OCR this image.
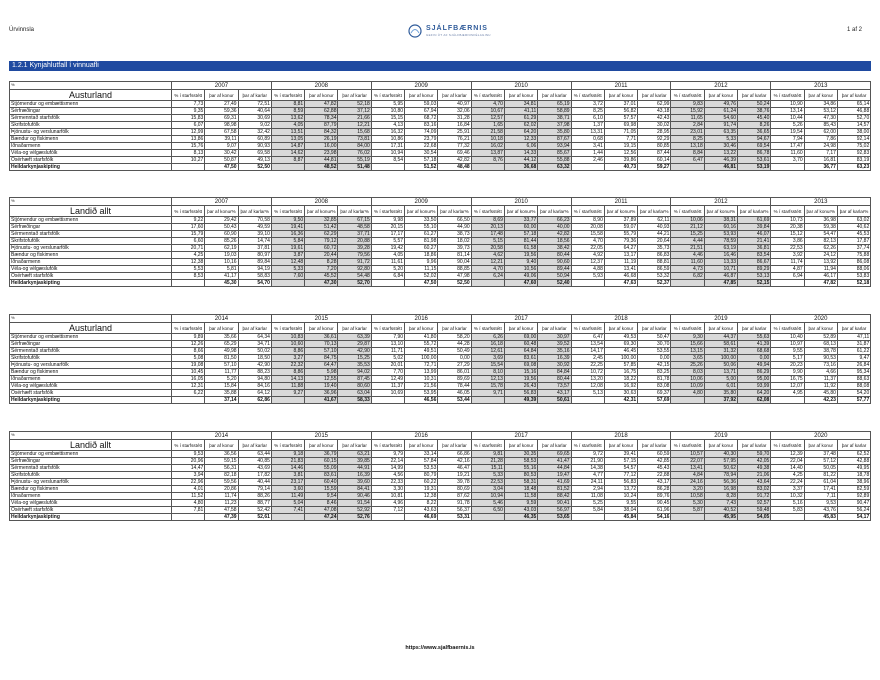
Úrvinnsla	SJÁLFBÆRNIS
GEFIN ÚT AF SJÁLFBÆRNISFÉLAGINU
1 af 2
1.2.1 Kynjahlutfall í vinnuafli
%	2007			2008			2009			2010			2011			2012			2013		
Austurland	% í starfsstétt	þar af konur	þar af karlar	% í starfsstétt	þar af konur	þar af karlar	% í starfsstétt	þar af konur	þar af karlar	% í starfsstétt	þar af konur	þar af karlar	% í starfsstétt	þar af konur	þar af karlar	% í starfsstétt	þar af konur	þar af karlar	% í starfsstétt	þar af konur	þar af karlar
Stjórnendur og embættismenn	7,73	27,49	72,51	8,81	47,82	52,18	5,95	59,03	40,97	4,70	34,81	65,19	3,72	37,01	62,99	9,83	49,76	50,24	10,90	34,86	65,14
Sérfræðingar	9,35	59,36	40,64	8,59	62,88	37,12	10,80	67,94	32,06	10,67	41,11	58,89	8,25	56,82	43,18	15,92	61,24	38,76	13,14	53,12	46,88
Sérmenntað starfsfólk	15,83	69,31	30,69	13,62	78,34	21,66	15,15	68,72	31,28	12,57	61,29	38,71	6,10	57,57	42,43	11,65	54,60	45,40	10,44	47,30	52,70
Skrifstofufólk	6,07	98,98	9,02	4,05	87,79	12,21	4,13	83,16	16,84	1,65	62,02	37,98	1,37	69,98	30,02	2,84	91,74	8,26	5,26	85,43	14,57
Þjónustu- og verslunarfólk	12,99	67,58	32,42	13,51	84,32	15,68	16,32	74,09	25,91	21,58	64,20	35,80	13,31	71,05	28,95	23,01	63,35	36,65	19,54	62,00	38,00
Bændur og fiskimenn	13,86	39,11	60,89	13,05	26,19	73,81	10,86	23,79	76,21	10,18	12,33	87,67	0,68	7,71	92,29	8,25	5,33	94,67	7,94	7,86	92,14
Iðnaðarmenn	15,76	9,07	90,93	14,87	16,00	84,00	17,31	22,68	77,32	16,02	6,06	93,94	3,41	19,15	80,85	13,18	30,46	69,54	17,47	24,98	75,02
Véla-og vélgæslufólk	8,13	30,42	69,58	14,62	23,98	76,02	10,94	30,54	69,46	13,87	14,33	85,67	1,44	12,56	87,44	8,84	13,22	86,78	11,60	7,17	92,83
Ósérhæft starfsfólk	10,27	50,87	49,13	8,87	44,81	55,19	8,54	57,18	42,82	8,76	44,12	55,88	2,46	39,86	60,14	6,47	46,39	53,61	3,70	16,81	83,19
Heildarkynjaskipting		47,50	52,50		48,52	51,48		51,52	48,48		36,68	63,32		40,73	59,27		46,81	53,19		36,77	63,23
%	2007			2008			2009			2010			2011			2012			2013		
Landið allt	% í starfsstétt	þar af konur%	þar af karlar%	% í starfsstétt	þar af konur%	þar af karlar%	% í starfsstétt	þar af konur%	þar af karlar%	% í starfsstétt	þar af konur%	þar af karlar%	% í starfsstétt	þar af konur%	þar af karlar%	% í starfsstétt	þar af konur%	þar af karlar%	% í starfsstétt	þar af konur%	þar af karlar%
Stjórnendur og embættismenn	9,22	29,42	70,58	9,50	32,85	67,15	9,98	33,50	66,50	8,69	33,77	66,23	8,90	37,89	62,11	10,06	38,31	61,69	10,73	36,98	63,02
Sérfræðingar	17,60	50,43	49,59	19,41	51,42	48,58	20,15	55,10	44,90	20,13	60,00	40,00	20,08	59,07	40,93	21,12	60,16	39,84	20,38	59,38	40,62
Sérmenntað starfsfólk	15,79	60,90	39,10	16,36	62,29	37,71	17,17	61,27	38,73	17,48	57,18	42,82	15,58	55,79	44,21	15,25	53,93	46,07	15,12	54,47	45,53
Skrifstofufólk	6,60	85,26	14,74	5,84	79,12	20,88	5,57	81,98	18,02	5,15	81,44	18,56	4,70	79,36	20,64	4,44	78,59	21,41	3,86	82,13	17,87
Þjónustu- og verslunarfólk	20,71	62,19	37,81	19,61	60,72	39,28	19,42	60,27	39,73	20,58	61,58	38,42	22,05	64,27	35,73	21,51	63,19	36,81	22,53	62,26	37,74
Bændur og fiskimenn	4,25	19,03	80,97	3,87	20,44	79,56	4,05	18,86	81,14	4,62	19,56	80,44	4,92	13,17	86,83	4,46	16,46	83,54	3,92	24,12	75,88
Iðnaðarmenn	12,38	10,16	89,84	12,48	8,28	91,72	11,61	9,96	90,04	12,21	9,40	90,60	12,37	11,19	88,81	11,60	13,33	86,67	11,74	13,92	86,08
Véla-og vélgæslufólk	5,53	5,81	94,19	5,33	7,20	92,80	5,20	11,15	88,85	4,70	10,56	89,44	4,88	13,41	86,59	4,73	10,71	89,29	4,87	11,94	88,06
Ósérhæft starfsfólk	8,53	41,17	58,83	7,60	45,52	54,48	6,84	52,02	47,98	6,24	49,06	50,94	5,93	46,68	53,32	6,82	46,87	53,13	6,94	46,17	53,83
Heildarkynjaskipting		45,30	54,70		47,30	52,70		47,50	52,50		47,60	52,40		47,63	52,37		47,85	52,15		47,82	52,18
%	2014			2015			2016			2017			2018			2019			2020		
Austurland	% í starfsstétt	þar af konur	þar af karlar	% í starfsstétt	þar af konur	þar af karlar	% í starfsstétt	þar af konur	þar af karlar	% í starfsstétt	þar af konur	þar af karlar	% í starfsstétt	þar af konur	þar af karlar	% í starfsstétt	þar af konur	þar af karlar	% í starfsstétt	þar af konur	þar af karlar
Stjórnendur og embættismenn	9,89	35,66	64,34	10,83	36,61	63,39	7,90	41,80	58,20	6,26	69,00	30,97	6,47	49,53	50,47	9,30	44,37	55,63	10,40	52,89	47,11
Sérfræðingar	12,26	65,29	34,71	10,60	70,13	29,87	13,10	55,72	44,28	16,18	60,48	39,52	13,54	69,30	30,70	15,66	58,61	41,39	10,97	68,13	31,87
Sérmenntað starfsfólk	8,66	49,98	50,02	8,86	57,10	42,90	11,71	49,51	50,49	12,61	64,84	35,16	14,17	46,45	53,55	13,15	31,32	68,68	9,55	38,78	61,22
Skrifstofufólk	5,08	81,50	18,50	3,27	84,75	15,25	5,02	100,00	0,00	3,69	83,61	16,39	2,45	100,00	0,00	3,65	100,00	0,00	5,17	90,53	9,47
Þjónustu- og verslunarfólk	19,08	57,10	42,90	22,32	64,47	35,53	20,01	72,71	27,29	15,54	69,08	30,92	22,25	57,85	42,15	25,26	50,06	49,94	20,23	73,16	26,84
Bændur og fiskimenn	10,45	11,77	88,23	8,86	5,98	94,02	7,70	13,99	86,01	8,10	15,16	84,84	10,72	16,75	83,25	8,03	13,71	86,29	9,90	4,66	95,34
Iðnaðarmenn	16,05	5,20	94,80	14,13	12,55	87,45	12,49	10,31	89,69	12,13	19,56	80,44	13,20	18,22	81,78	10,06	5,00	95,00	16,75	11,37	88,63
Véla-og vélgæslufólk	12,31	15,84	84,16	11,88	19,40	80,60	11,37	21,56	78,44	15,78	26,43	73,57	12,08	16,92	83,08	10,09	6,01	93,99	12,07	11,92	88,08
Ósérhæft starfsfólk	6,22	35,88	64,12	9,27	36,96	63,04	10,69	53,95	46,05	9,71	56,83	43,17	5,13	30,63	69,37	4,80	35,80	64,20	4,95	45,80	54,20
Heildarkynjaskipting		37,14	62,86		41,67	58,33		46,56	53,44		49,39	50,61		42,31	57,69		37,92	62,08		42,23	57,77
%	2014			2015			2016			2017			2018			2019			2020		
Landið allt	% í starfsstétt	þar af konur	þar af karlar	% í starfsstétt	þar af konur	þar af karlar	% í starfsstétt	þar af konur	þar af karlar	% í starfsstétt	þar af konur	þar af karlar	% í starfsstétt	þar af konur	þar af karlar	% í starfsstétt	þar af konur	þar af karlar	% í starfsstétt	þar af konur	þar af karlar
Stjórnendur og embættismenn	9,53	36,56	63,44	9,18	36,79	63,21	9,79	33,14	66,86	9,81	30,35	69,65	9,72	39,41	60,59	10,57	40,30	59,70	12,39	37,48	62,52
Sérfræðingar	20,96	59,15	40,85	21,83	60,15	39,85	22,14	57,84	42,16	21,28	58,53	41,47	21,90	57,15	42,85	22,07	57,95	42,05	22,04	57,12	42,88
Sérmenntað starfsfólk	14,47	56,31	43,69	14,46	55,09	44,91	14,99	53,53	46,47	15,11	55,16	44,84	14,38	54,57	45,43	13,41	50,62	49,38	14,40	50,05	49,95
Skrifstofufólk	3,94	82,18	17,82	3,81	83,61	16,39	4,56	80,79	19,21	5,33	80,53	19,47	4,77	77,12	22,88	4,84	78,94	21,06	4,25	81,22	18,78
Þjónustu- og verslunarfólk	22,96	59,56	40,44	23,17	60,40	39,60	22,33	60,22	39,78	22,53	58,31	41,69	24,11	56,83	43,17	24,16	56,36	43,64	22,24	61,04	38,96
Bændur og fiskimenn	4,01	20,86	79,14	3,60	15,59	84,41	3,30	19,31	80,69	3,04	18,48	81,52	2,94	13,72	86,28	3,20	16,98	83,02	3,37	17,41	82,59
Iðnaðarmenn	11,52	11,74	88,26	11,49	9,54	90,46	10,81	12,38	87,62	10,94	11,58	88,42	11,08	10,24	89,76	10,58	8,28	91,72	10,32	7,11	92,89
Véla-og vélgæslufólk	4,80	11,23	88,77	5,04	8,46	91,54	4,96	8,22	91,78	5,46	9,59	90,41	5,25	9,55	90,45	5,30	7,43	92,57	5,16	9,53	90,47
Ósérhæft starfsfólk	7,81	47,58	52,42	7,41	47,08	52,92	7,12	43,63	56,37	6,50	43,03	56,97	5,84	38,04	61,96	5,87	40,52	59,48	5,83	43,76	56,24
Heildarkynjaskipting		47,39	52,61		47,24	52,76		46,69	53,31		46,35	53,65		45,84	54,16		45,95	54,05		45,83	54,17
https://www.sjalfbaernis.is
